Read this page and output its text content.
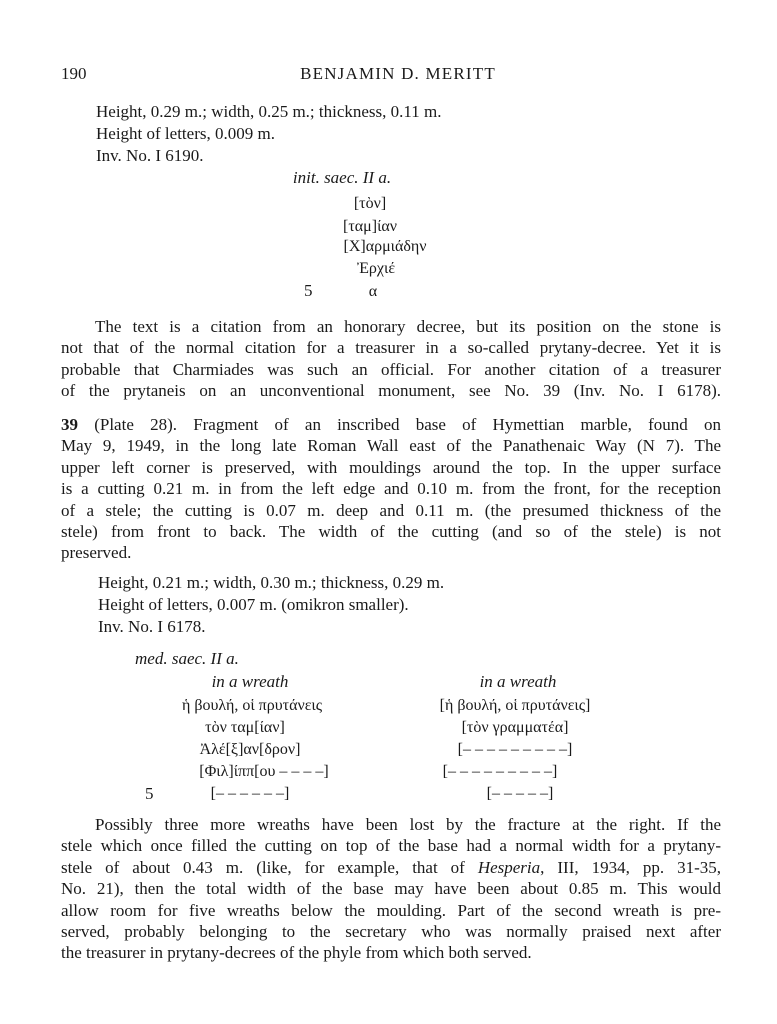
190	BENJAMIN D. MERITT
Height, 0.29 m.; width, 0.25 m.; thickness, 0.11 m.
Height of letters, 0.009 m.
Inv. No. I 6190.
init. saec. II a.
[τὸν]
[ταμ]ίαν
[Χ]αρμιάδην
Ἐρχιέ
α
5
The text is a citation from an honorary decree, but its position on the stone is
not that of the normal citation for a treasurer in a so-called prytany-decree. Yet it is
probable that Charmiades was such an official. For another citation of a treasurer
of the prytaneis on an unconventional monument, see No. 39 (Inv. No. I 6178).
39 (Plate 28). Fragment of an inscribed base of Hymettian marble, found on
May 9, 1949, in the long late Roman Wall east of the Panathenaic Way (N 7). The
upper left corner is preserved, with mouldings around the top. In the upper surface
is a cutting 0.21 m. in from the left edge and 0.10 m. from the front, for the reception
of a stele; the cutting is 0.07 m. deep and 0.11 m. (the presumed thickness of the
stele) from front to back. The width of the cutting (and so of the stele) is not
preserved.
Height, 0.21 m.; width, 0.30 m.; thickness, 0.29 m.
Height of letters, 0.007 m. (omikron smaller).
Inv. No. I 6178.
med. saec. II a.
in a wreath
ἡ βουλή, οἱ πρυτάνεις
τὸν ταμ[ίαν]
Ἀλέ[ξ]αν[δρον]
[Φιλ]ίππ[ου – – – –]
[– – – – – –]
5
in a wreath
[ἡ βουλή, οἱ πρυτάνεις]
[τὸν γραμματέα]
[– – – – – – – – –]
[– – – – – – – – –]
[– – – – –]
Possibly three more wreaths have been lost by the fracture at the right. If the
stele which once filled the cutting on top of the base had a normal width for a prytany-
stele of about 0.43 m. (like, for example, that of Hesperia, III, 1934, pp. 31-35,
No. 21), then the total width of the base may have been about 0.85 m. This would
allow room for five wreaths below the moulding. Part of the second wreath is pre-
served, probably belonging to the secretary who was normally praised next after
the treasurer in prytany-decrees of the phyle from which both served.
